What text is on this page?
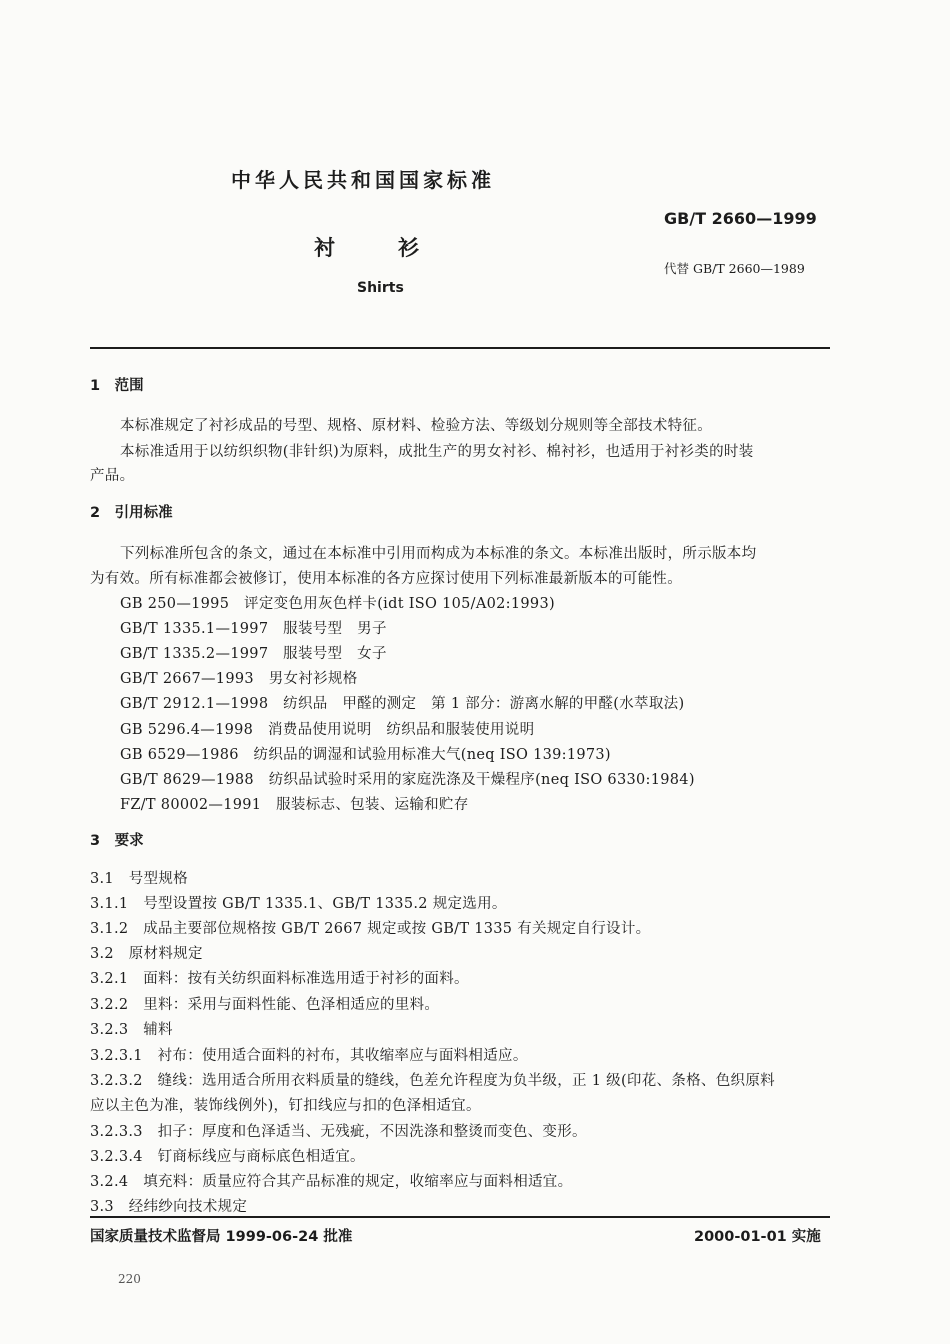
中华人民共和国国家标准
GB/T 2660—1999
代替 GB/T 2660—1989
衬　　　衫
Shirts
1　范围
本标准规定了衬衫成品的号型、规格、原材料、检验方法、等级划分规则等全部技术特征。
本标准适用于以纺织织物(非针织)为原料，成批生产的男女衬衫、棉衬衫，也适用于衬衫类的时装
产品。
2　引用标准
下列标准所包含的条文，通过在本标准中引用而构成为本标准的条文。本标准出版时，所示版本均
为有效。所有标准都会被修订，使用本标准的各方应探讨使用下列标准最新版本的可能性。
GB 250—1995　评定变色用灰色样卡(idt ISO 105/A02:1993)
GB/T 1335.1—1997　服装号型　男子
GB/T 1335.2—1997　服装号型　女子
GB/T 2667—1993　男女衬衫规格
GB/T 2912.1—1998　纺织品　甲醛的测定　第 1 部分：游离水解的甲醛(水萃取法)
GB 5296.4—1998　消费品使用说明　纺织品和服装使用说明
GB 6529—1986　纺织品的调湿和试验用标准大气(neq ISO 139:1973)
GB/T 8629—1988　纺织品试验时采用的家庭洗涤及干燥程序(neq ISO 6330:1984)
FZ/T 80002—1991　服装标志、包装、运输和贮存
3　要求
3.1　号型规格
3.1.1　号型设置按 GB/T 1335.1、GB/T 1335.2 规定选用。
3.1.2　成品主要部位规格按 GB/T 2667 规定或按 GB/T 1335 有关规定自行设计。
3.2　原材料规定
3.2.1　面料：按有关纺织面料标准选用适于衬衫的面料。
3.2.2　里料：采用与面料性能、色泽相适应的里料。
3.2.3　辅料
3.2.3.1　衬布：使用适合面料的衬布，其收缩率应与面料相适应。
3.2.3.2　缝线：选用适合所用衣料质量的缝线，色差允许程度为负半级，正 1 级(印花、条格、色织原料
应以主色为准，装饰线例外)，钉扣线应与扣的色泽相适宜。
3.2.3.3　扣子：厚度和色泽适当、无残疵，不因洗涤和整烫而变色、变形。
3.2.3.4　钉商标线应与商标底色相适宜。
3.2.4　填充料：质量应符合其产品标准的规定，收缩率应与面料相适宜。
3.3　经纬纱向技术规定
国家质量技术监督局 1999-06-24 批准	2000-01-01 实施
220
